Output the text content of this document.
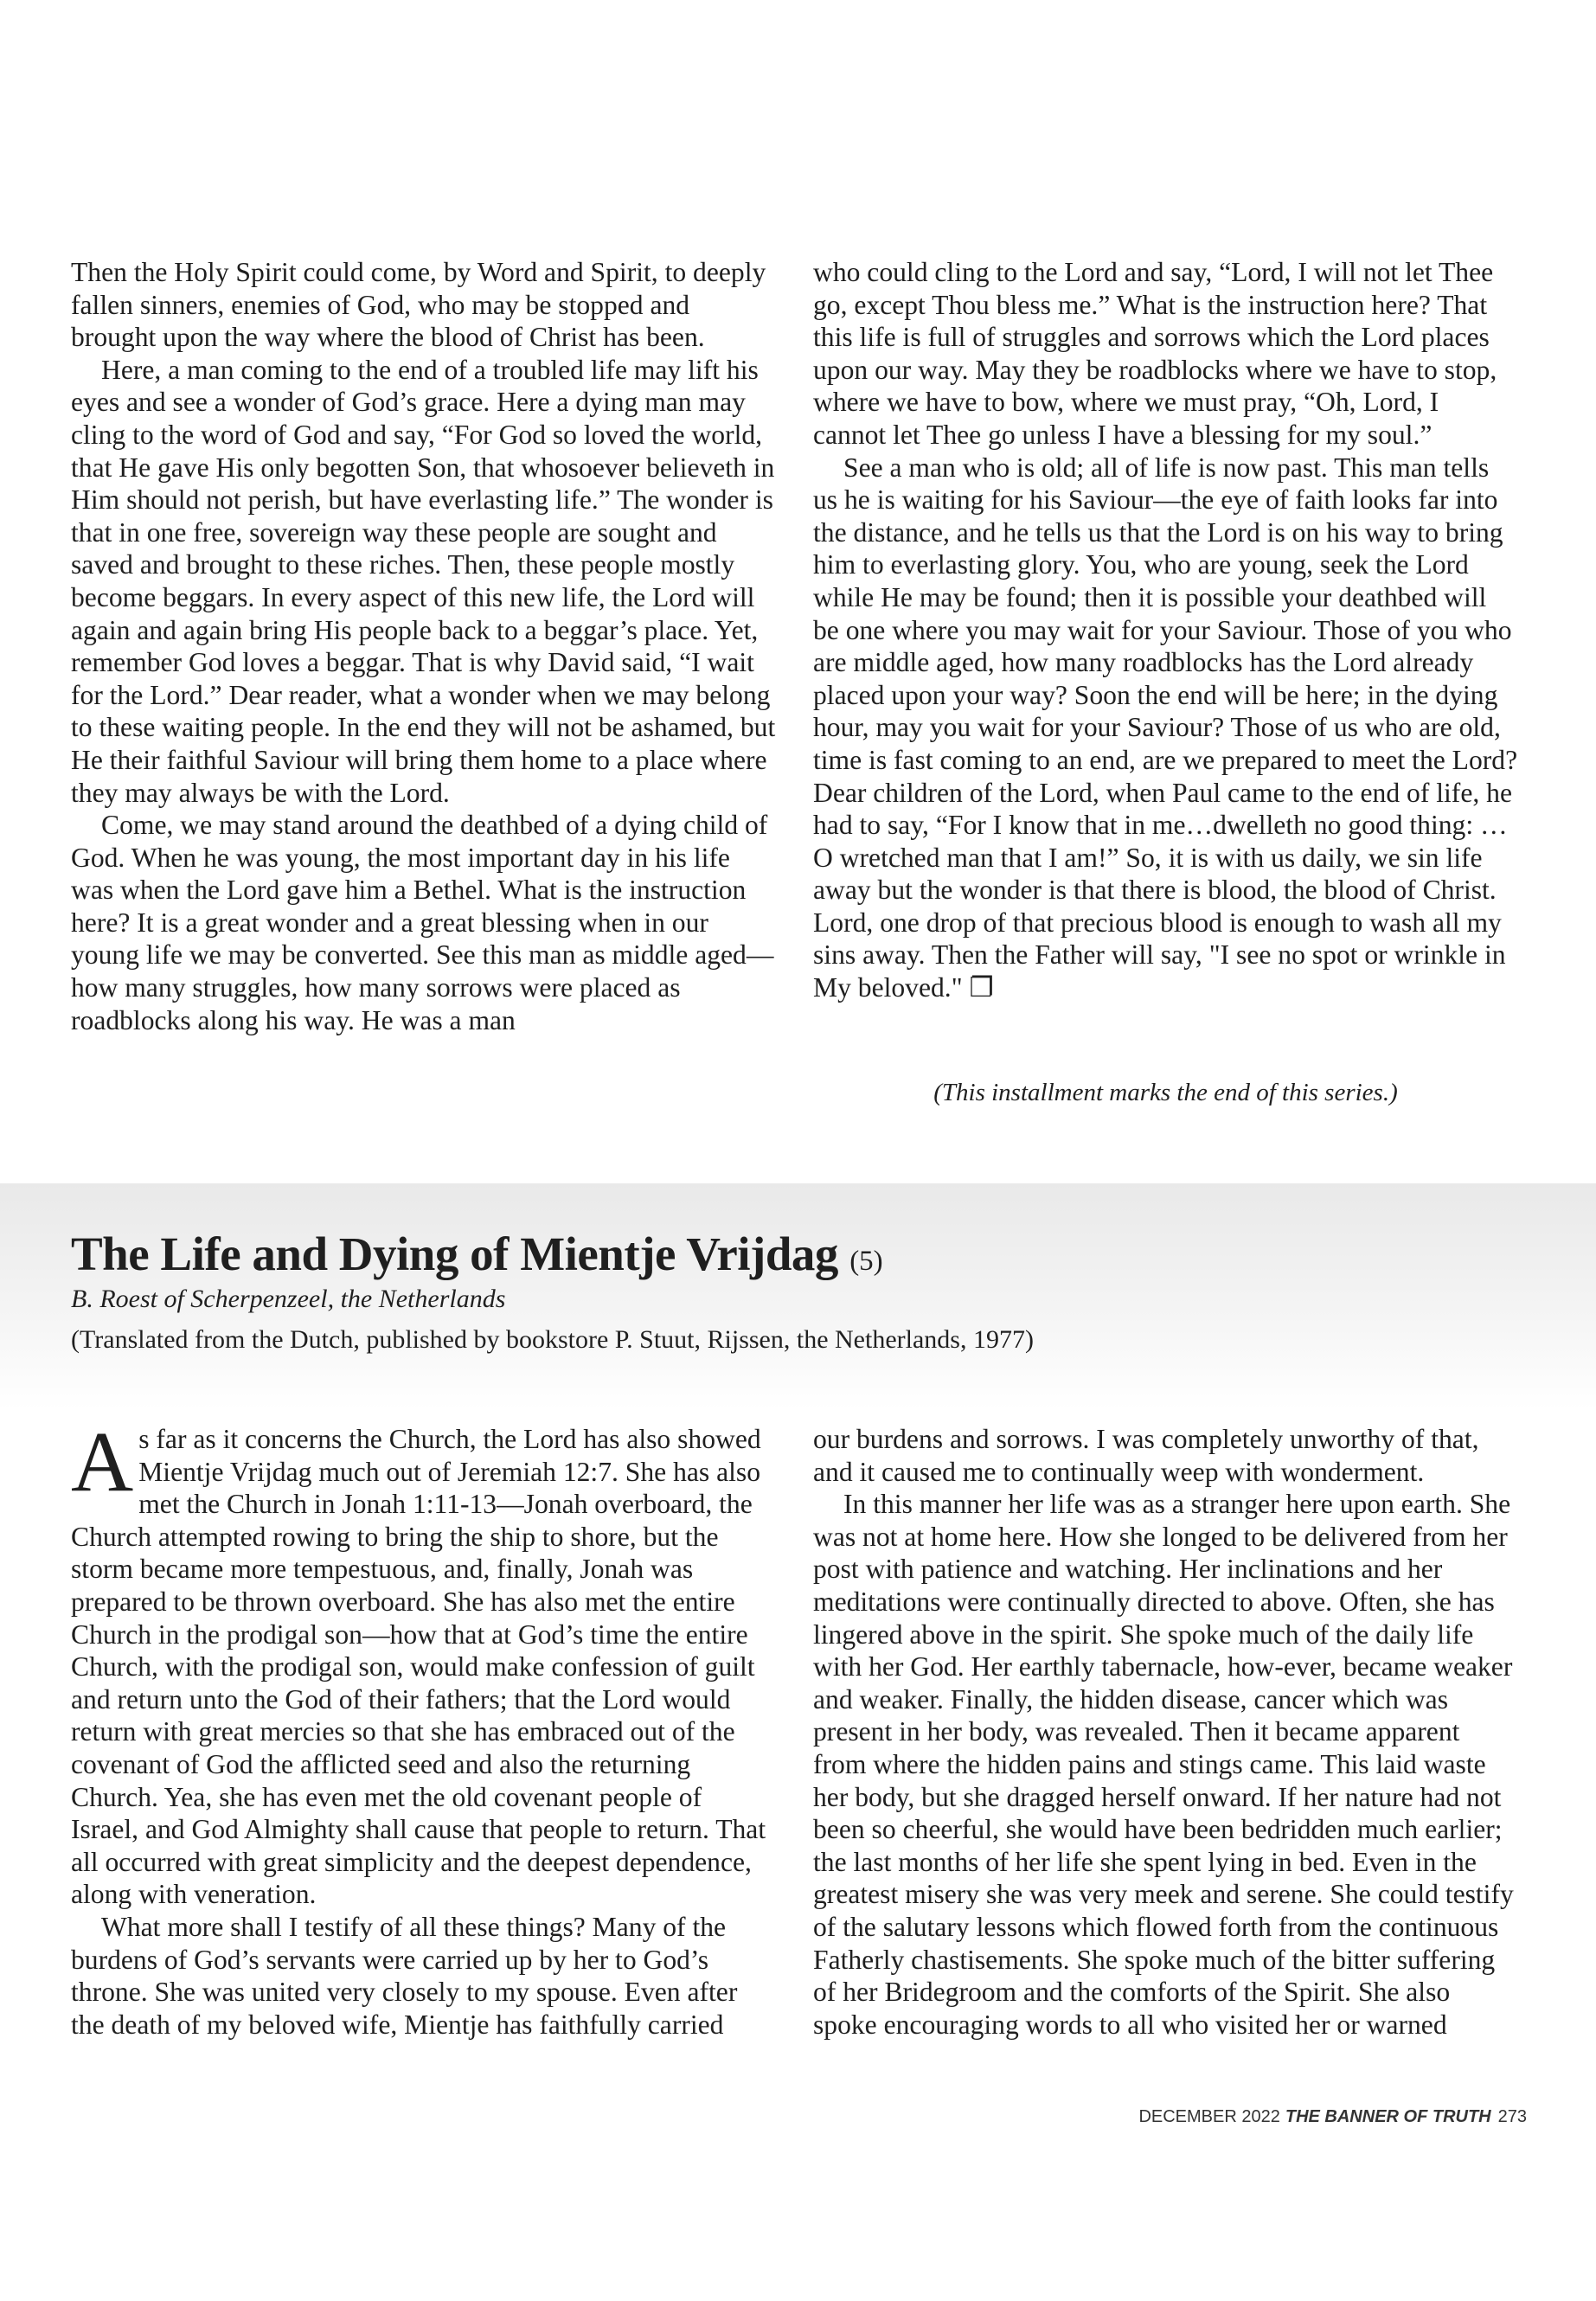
Then the Holy Spirit could come, by Word and Spirit, to deeply fallen sinners, enemies of God, who may be stopped and brought upon the way where the blood of Christ has been.

Here, a man coming to the end of a troubled life may lift his eyes and see a wonder of God’s grace. Here a dying man may cling to the word of God and say, “For God so loved the world, that He gave His only begotten Son, that whosoever believeth in Him should not perish, but have everlasting life.” The wonder is that in one free, sovereign way these people are sought and saved and brought to these riches. Then, these people mostly become beggars. In every aspect of this new life, the Lord will again and again bring His people back to a beggar’s place. Yet, remember God loves a beggar. That is why David said, “I wait for the Lord.” Dear reader, what a wonder when we may belong to these waiting people. In the end they will not be ashamed, but He their faithful Saviour will bring them home to a place where they may always be with the Lord.

Come, we may stand around the deathbed of a dying child of God. When he was young, the most important day in his life was when the Lord gave him a Bethel. What is the instruction here? It is a great wonder and a great blessing when in our young life we may be converted. See this man as middle aged—how many struggles, how many sorrows were placed as roadblocks along his way. He was a man

who could cling to the Lord and say, “Lord, I will not let Thee go, except Thou bless me.” What is the instruction here? That this life is full of struggles and sorrows which the Lord places upon our way. May they be roadblocks where we have to stop, where we have to bow, where we must pray, “Oh, Lord, I cannot let Thee go unless I have a blessing for my soul.”

See a man who is old; all of life is now past. This man tells us he is waiting for his Saviour—the eye of faith looks far into the distance, and he tells us that the Lord is on his way to bring him to everlasting glory. You, who are young, seek the Lord while He may be found; then it is possible your deathbed will be one where you may wait for your Saviour. Those of you who are middle aged, how many roadblocks has the Lord already placed upon your way? Soon the end will be here; in the dying hour, may you wait for your Saviour? Those of us who are old, time is fast coming to an end, are we prepared to meet the Lord? Dear children of the Lord, when Paul came to the end of life, he had to say, “For I know that in me…dwelleth no good thing: …O wretched man that I am!” So, it is with us daily, we sin life away but the wonder is that there is blood, the blood of Christ. Lord, one drop of that precious blood is enough to wash all my sins away. Then the Father will say, "I see no spot or wrinkle in My beloved." ❐

(This installment marks the end of this series.)
The Life and Dying of Mientje Vrijdag (5)
B. Roest of Scherpenzeel, the Netherlands
(Translated from the Dutch, published by bookstore P. Stuut, Rijssen, the Netherlands, 1977)

As far as it concerns the Church, the Lord has also showed Mientje Vrijdag much out of Jeremiah 12:7. She has also met the Church in Jonah 1:11-13—Jonah overboard, the Church attempted rowing to bring the ship to shore, but the storm became more tempestuous, and, finally, Jonah was prepared to be thrown overboard. She has also met the entire Church in the prodigal son—how that at God’s time the entire Church, with the prodigal son, would make confession of guilt and return unto the God of their fathers; that the Lord would return with great mercies so that she has embraced out of the covenant of God the afflicted seed and also the returning Church. Yea, she has even met the old covenant people of Israel, and God Almighty shall cause that people to return. That all occurred with great simplicity and the deepest dependence, along with veneration.

What more shall I testify of all these things? Many of the burdens of God’s servants were carried up by her to God’s throne. She was united very closely to my spouse. Even after the death of my beloved wife, Mientje has faithfully carried

our burdens and sorrows. I was completely unworthy of that, and it caused me to continually weep with wonderment.

In this manner her life was as a stranger here upon earth. She was not at home here. How she longed to be delivered from her post with patience and watching. Her inclinations and her meditations were continually directed to above. Often, she has lingered above in the spirit. She spoke much of the daily life with her God. Her earthly tabernacle, how-ever, became weaker and weaker. Finally, the hidden disease, cancer which was present in her body, was revealed. Then it became apparent from where the hidden pains and stings came. This laid waste her body, but she dragged herself onward. If her nature had not been so cheerful, she would have been bedridden much earlier; the last months of her life she spent lying in bed. Even in the greatest misery she was very meek and serene. She could testify of the salutary lessons which flowed forth from the continuous Fatherly chastisements. She spoke much of the bitter suffering of her Bridegroom and the comforts of the Spirit. She also spoke encouraging words to all who visited her or warned

DECEMBER 2022 THE BANNER OF TRUTH 273
